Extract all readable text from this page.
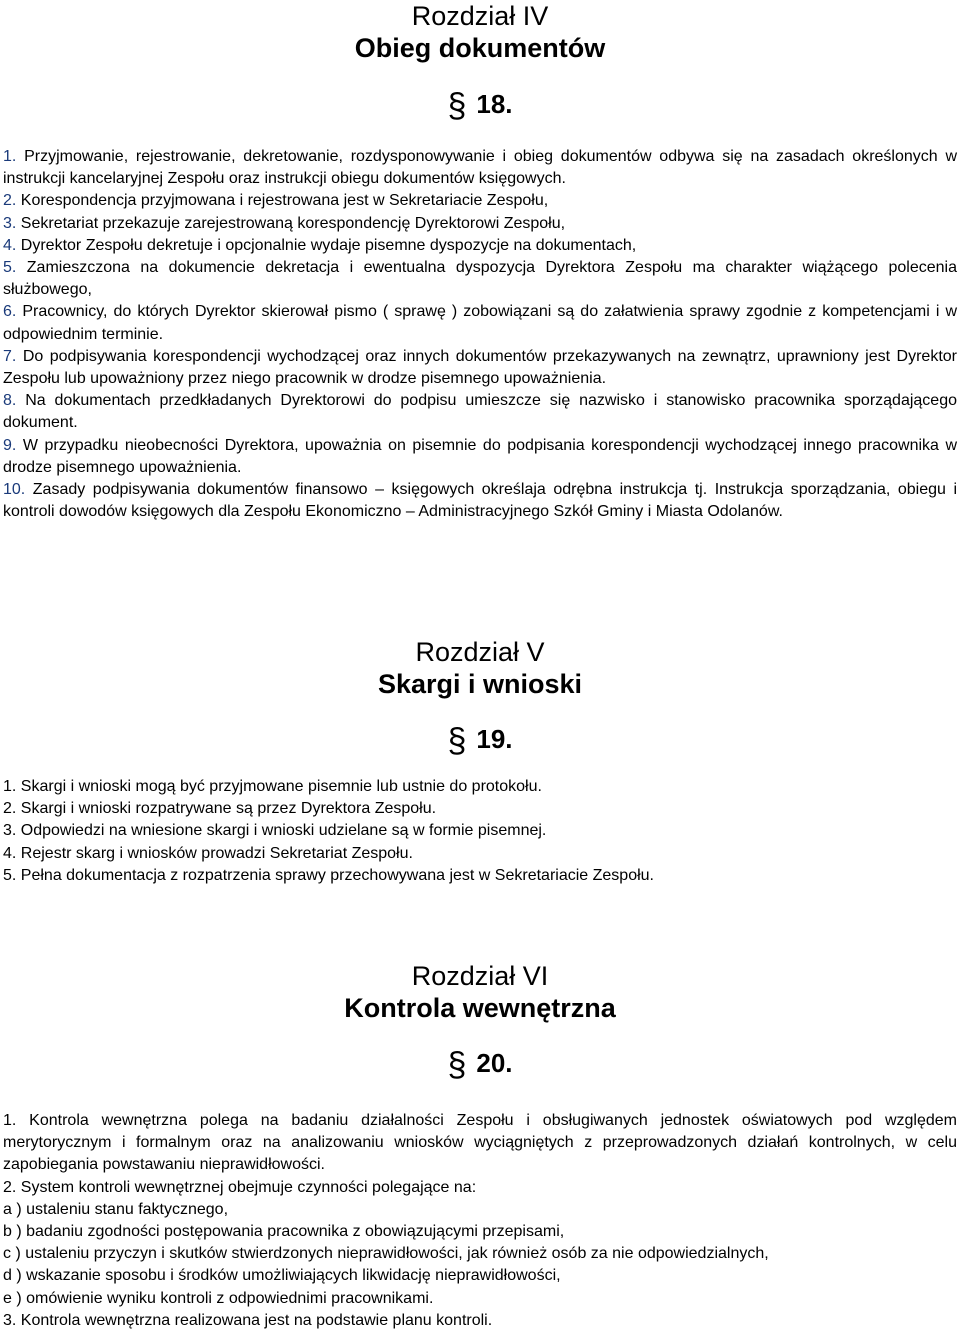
Rozdział IV
Obieg dokumentów
§ 18.
1. Przyjmowanie, rejestrowanie, dekretowanie, rozdysponowywanie i obieg dokumentów odbywa się na zasadach określonych w instrukcji kancelaryjnej Zespołu oraz instrukcji obiegu dokumentów księgowych.
2. Korespondencja przyjmowana i rejestrowana jest w Sekretariacie Zespołu,
3. Sekretariat przekazuje zarejestrowaną korespondencję Dyrektorowi Zespołu,
4. Dyrektor Zespołu dekretuje i opcjonalnie wydaje pisemne dyspozycje na dokumentach,
5. Zamieszczona na dokumencie dekretacja i ewentualna dyspozycja Dyrektora Zespołu ma charakter wiążącego polecenia służbowego,
6. Pracownicy, do których Dyrektor skierował pismo ( sprawę ) zobowiązani są do załatwienia sprawy zgodnie z kompetencjami i w odpowiednim terminie.
7. Do podpisywania korespondencji wychodzącej oraz innych dokumentów przekazywanych na zewnątrz, uprawniony jest Dyrektor Zespołu lub upoważniony przez niego pracownik w drodze pisemnego upoważnienia.
8. Na dokumentach przedkładanych Dyrektorowi do podpisu umieszcze się nazwisko i stanowisko pracownika sporządającego dokument.
9. W przypadku nieobecności Dyrektora, upoważnia on pisemnie do podpisania korespondencji wychodzącej innego pracownika w drodze pisemnego upoważnienia.
10. Zasady podpisywania dokumentów finansowo – księgowych określaja odrębna instrukcja tj. Instrukcja sporządzania, obiegu i kontroli dowodów księgowych dla Zespołu Ekonomiczno – Administracyjnego Szkół Gminy i Miasta Odolanów.
Rozdział V
Skargi i wnioski
§ 19.
1. Skargi i wnioski mogą być przyjmowane pisemnie lub ustnie do protokołu.
2. Skargi i wnioski rozpatrywane są przez Dyrektora Zespołu.
3. Odpowiedzi na wniesione skargi i wnioski udzielane są w formie pisemnej.
4. Rejestr skarg i wniosków prowadzi Sekretariat Zespołu.
5. Pełna dokumentacja z rozpatrzenia sprawy przechowywana jest w Sekretariacie Zespołu.
Rozdział VI
Kontrola wewnętrzna
§ 20.
1. Kontrola wewnętrzna polega na badaniu działalności Zespołu i obsługiwanych jednostek oświatowych pod względem merytorycznym i formalnym oraz na analizowaniu wniosków wyciągniętych z przeprowadzonych działań kontrolnych, w celu zapobiegania powstawaniu nieprawidłowości.
2. System kontroli wewnętrznej obejmuje czynności polegające na:
a ) ustaleniu stanu faktycznego,
b ) badaniu zgodności postępowania pracownika z obowiązującymi przepisami,
c ) ustaleniu przyczyn i skutków stwierdzonych nieprawidłowości, jak również osób za nie odpowiedzialnych,
d ) wskazanie sposobu i środków umożliwiających likwidację nieprawidłowości,
e ) omówienie wyniku kontroli z odpowiednimi pracownikami.
3. Kontrola wewnętrzna realizowana jest na podstawie planu kontroli.
